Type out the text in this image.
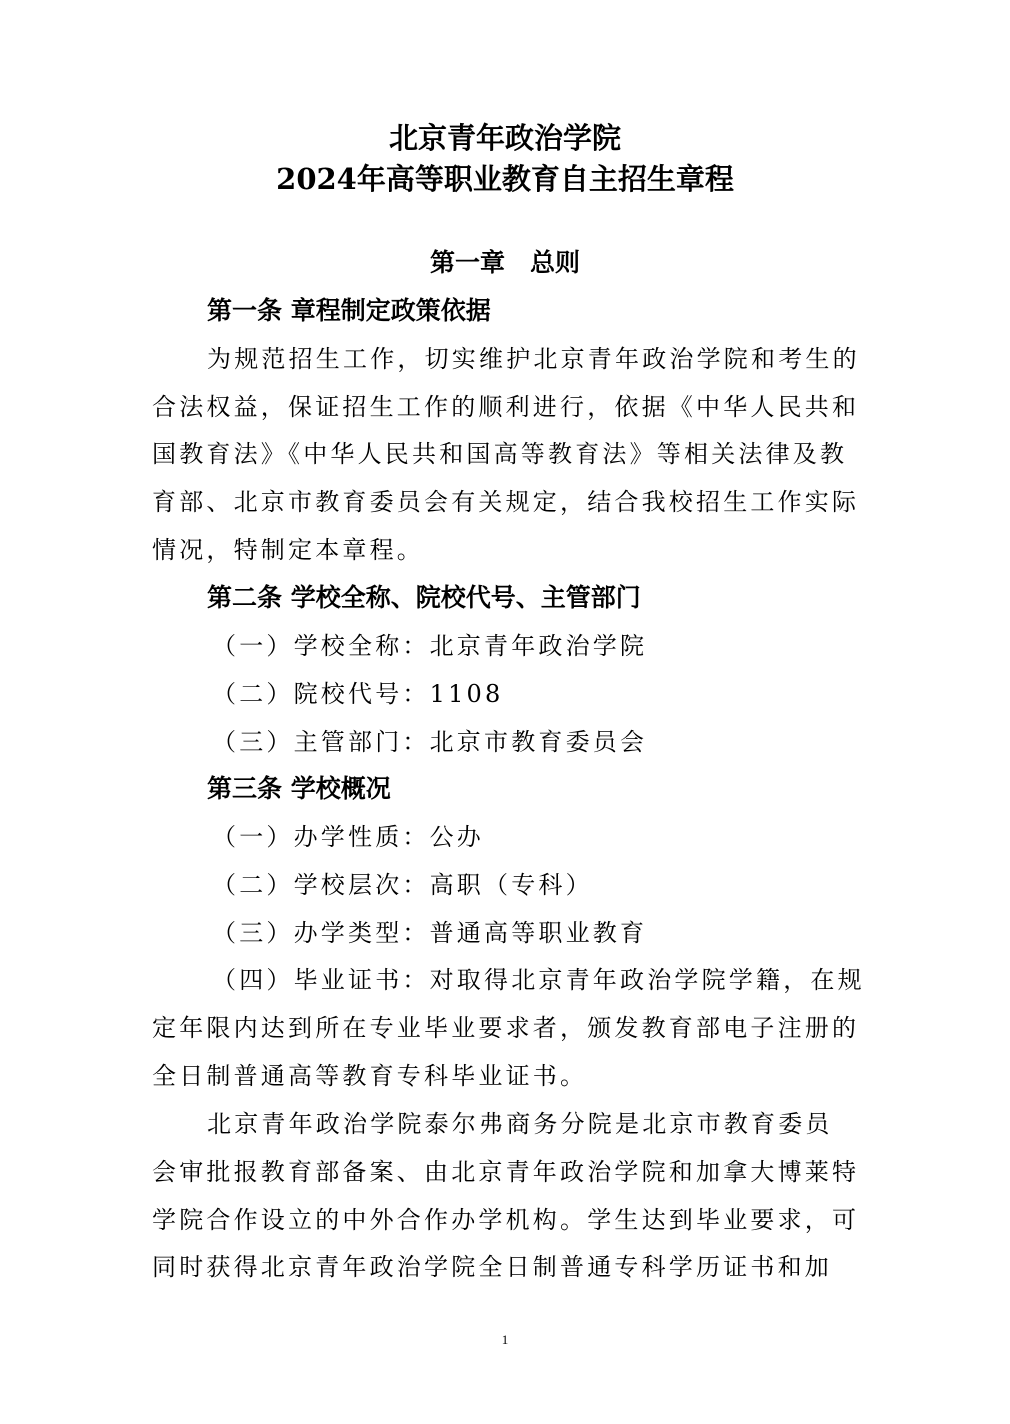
北京青年政治学院
2024年高等职业教育自主招生章程
第一章　总则
第一条 章程制定政策依据
为规范招生工作，切实维护北京青年政治学院和考生的
合法权益，保证招生工作的顺利进行，依据《中华人民共和
国教育法》《中华人民共和国高等教育法》等相关法律及教
育部、北京市教育委员会有关规定，结合我校招生工作实际
情况，特制定本章程。
第二条 学校全称、院校代号、主管部门
（一）学校全称：北京青年政治学院
（二）院校代号：1108
（三）主管部门：北京市教育委员会
第三条 学校概况
（一）办学性质：公办
（二）学校层次：高职（专科）
（三）办学类型：普通高等职业教育
（四）毕业证书：对取得北京青年政治学院学籍，在规
定年限内达到所在专业毕业要求者，颁发教育部电子注册的
全日制普通高等教育专科毕业证书。
北京青年政治学院泰尔弗商务分院是北京市教育委员
会审批报教育部备案、由北京青年政治学院和加拿大博莱特
学院合作设立的中外合作办学机构。学生达到毕业要求，可
同时获得北京青年政治学院全日制普通专科学历证书和加
1
